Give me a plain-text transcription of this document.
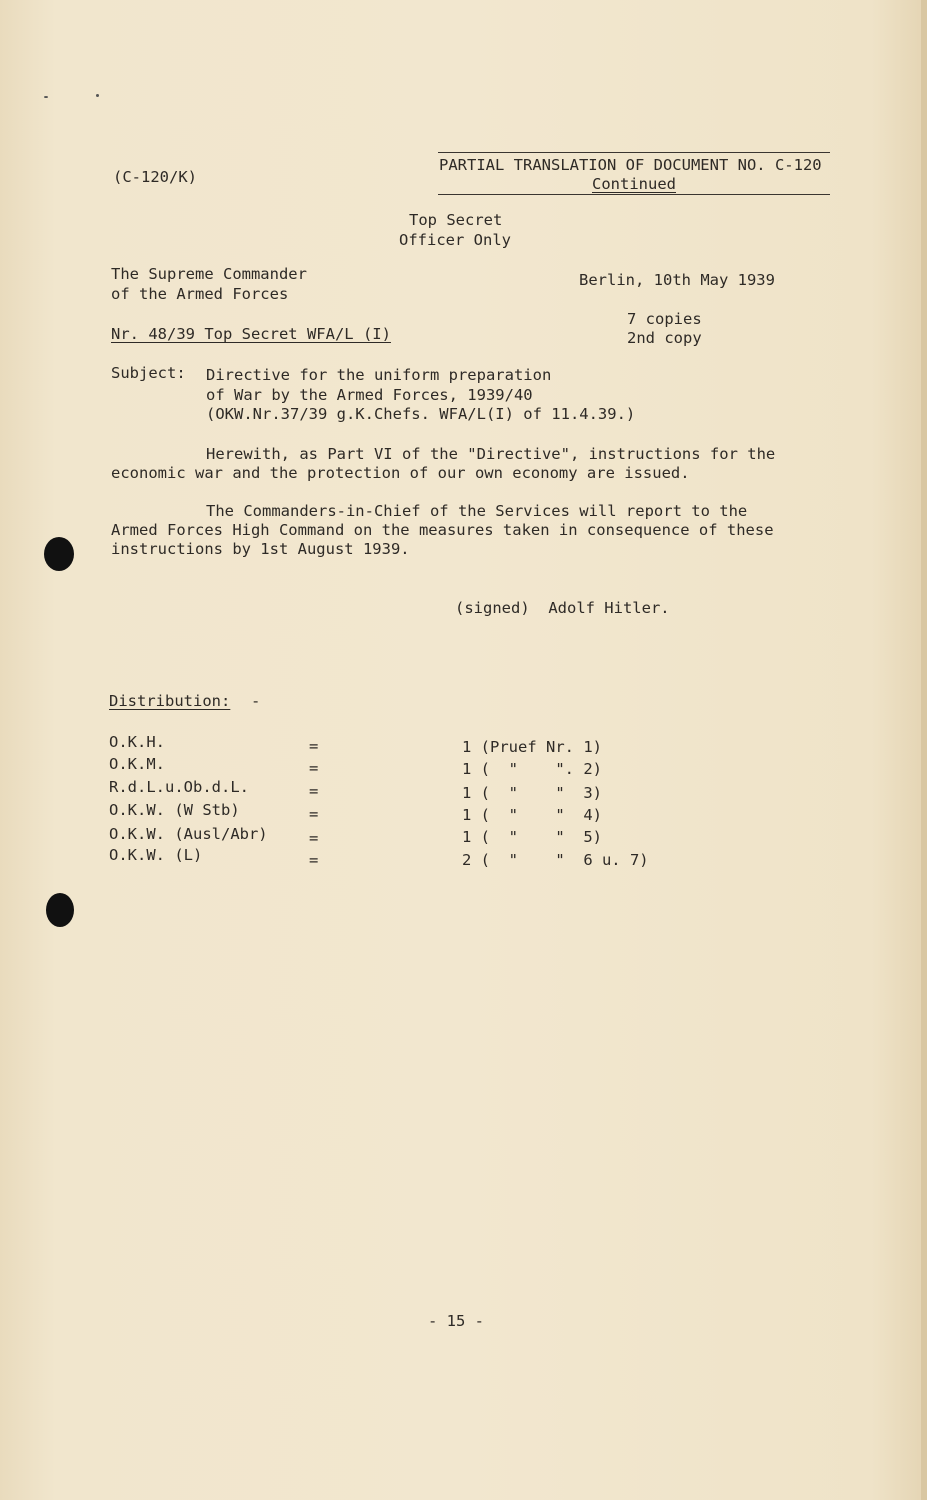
(C-120/K)
PARTIAL TRANSLATION OF DOCUMENT NO. C-120
Continued
Top Secret
Officer Only
The Supreme Commander
of the Armed Forces
Berlin, 10th May 1939
Nr. 48/39 Top Secret WFA/L (I)
7 copies
2nd copy
Subject: Directive for the uniform preparation
of War by the Armed Forces, 1939/40
(OKW.Nr.37/39 g.K.Chefs. WFA/L(I) of 11.4.39.)
Herewith, as Part VI of the "Directive", instructions for the
economic war and the protection of our own economy are issued.
The Commanders-in-Chief of the Services will report to the
Armed Forces High Command on the measures taken in consequence of these
instructions by 1st August 1939.
(signed)  Adolf Hitler.
Distribution: -
O.K.H.	=	1 (Pruef Nr. 1)
O.K.M.	=	1 (  "    ". 2)
R.d.L.u.Ob.d.L.	=	1 (  "    "  3)
O.K.W. (W Stb)	=	1 (  "    "  4)
O.K.W. (Ausl/Abr)	=	1 (  "    "  5)
O.K.W. (L)	=	2 (  "    "  6 u. 7)
- 15 -
